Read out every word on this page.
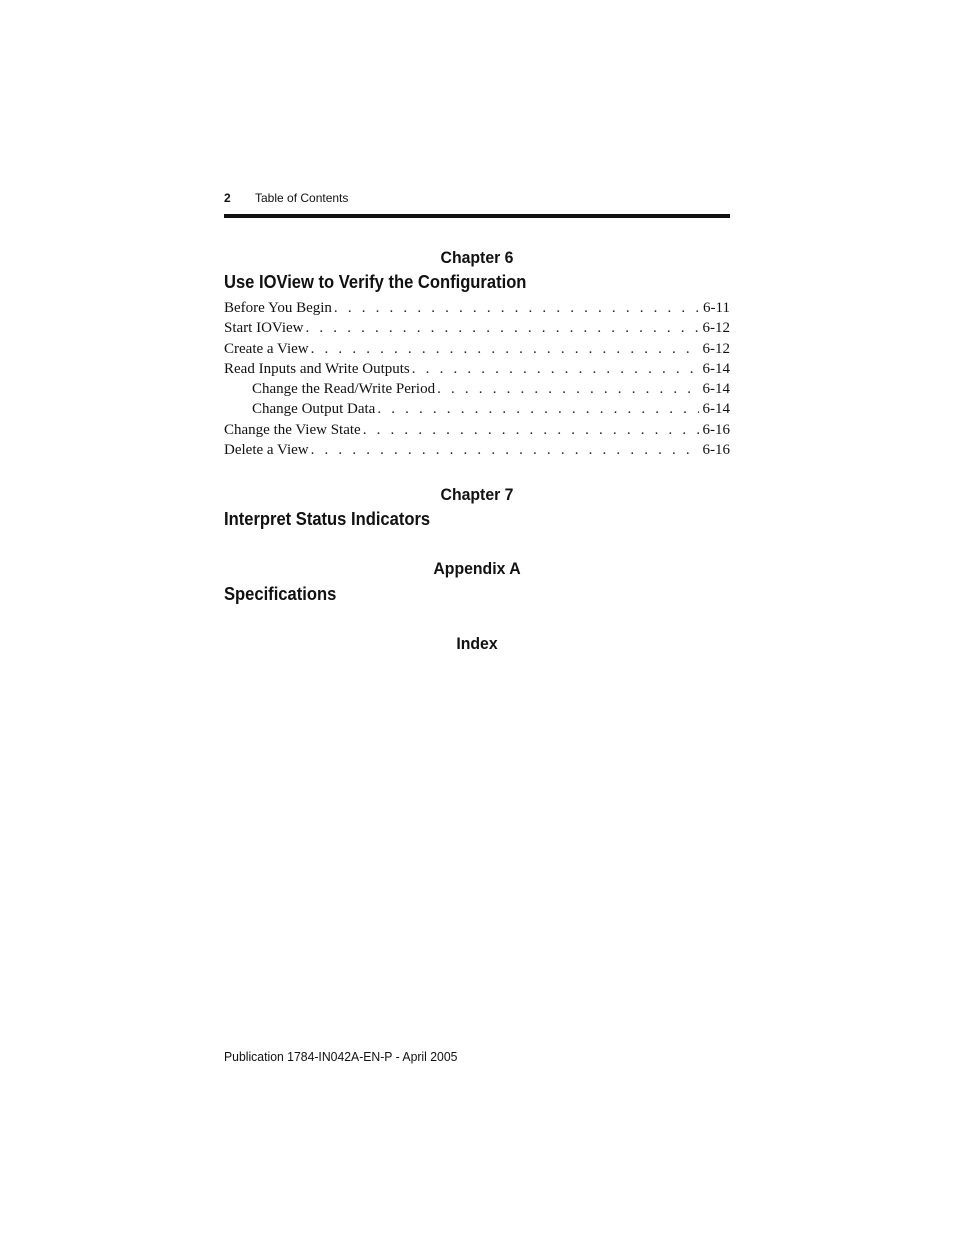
2 Table of Contents
Chapter 6
Use IOView to Verify the Configuration
Before You Begin . . .	6-11
Start IOView . . .	6-12
Create a View . . .	6-12
Read Inputs and Write Outputs . . .	6-14
Change the Read/Write Period . . .	6-14
Change Output Data . . .	6-14
Change the View State . . .	6-16
Delete a View . . .	6-16
Chapter 7
Interpret Status Indicators
Appendix A
Specifications
Index
Publication 1784-IN042A-EN-P - April 2005
